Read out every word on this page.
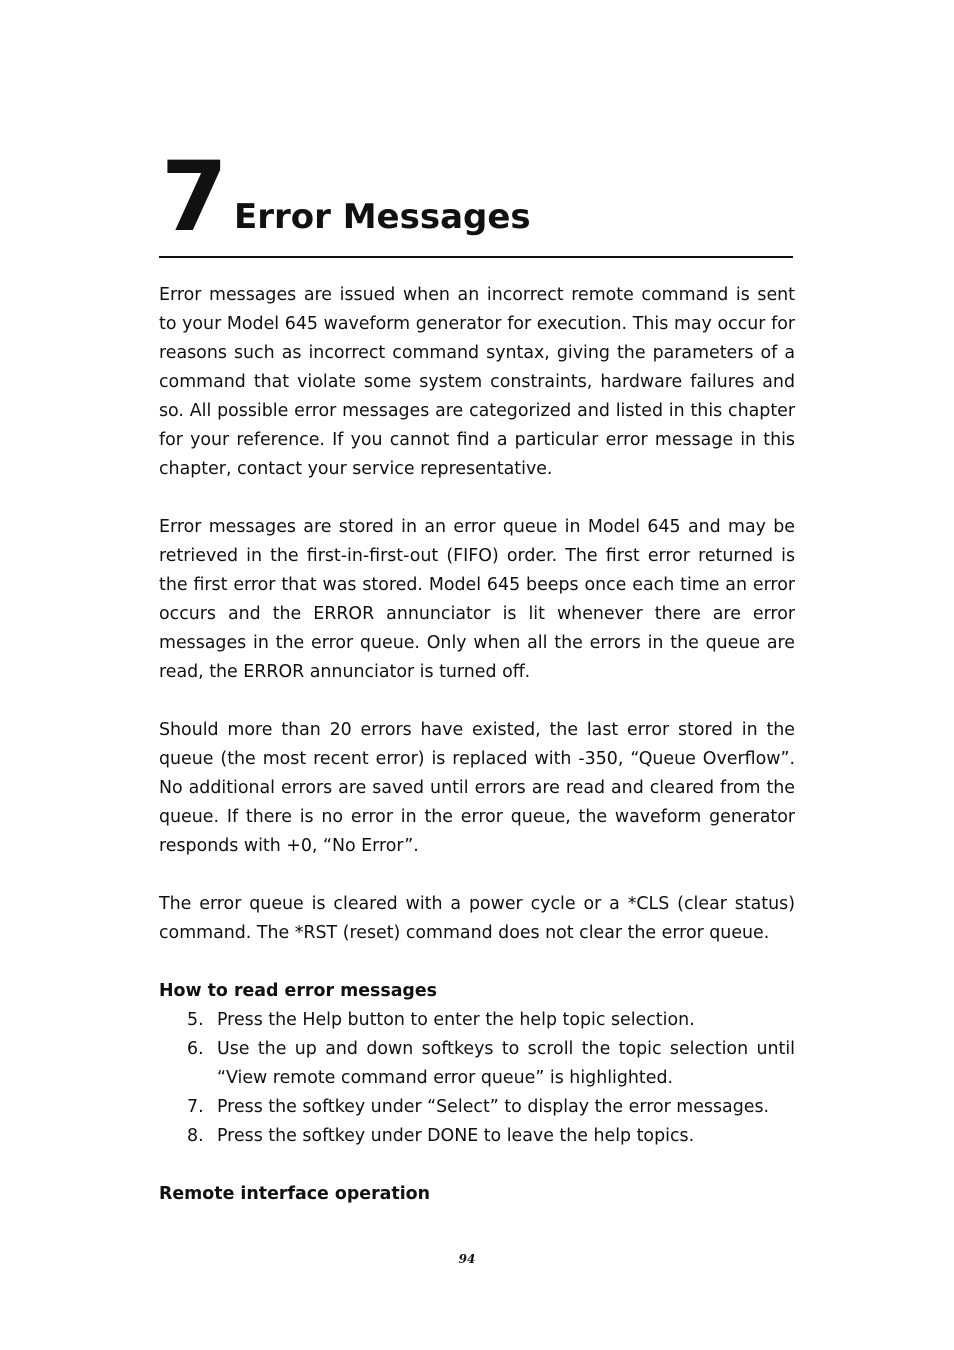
7 Error Messages

Error messages are issued when an incorrect remote command is sent to your Model 645 waveform generator for execution. This may occur for reasons such as incorrect command syntax, giving the parameters of a command that violate some system constraints, hardware failures and so. All possible error messages are categorized and listed in this chapter for your reference. If you cannot find a particular error message in this chapter, contact your service representative.

Error messages are stored in an error queue in Model 645 and may be retrieved in the first-in-first-out (FIFO) order. The first error returned is the first error that was stored. Model 645 beeps once each time an error occurs and the ERROR annunciator is lit whenever there are error messages in the error queue. Only when all the errors in the queue are read, the ERROR annunciator is turned off.

Should more than 20 errors have existed, the last error stored in the queue (the most recent error) is replaced with -350, “Queue Overflow”. No additional errors are saved until errors are read and cleared from the queue. If there is no error in the error queue, the waveform generator responds with +0, “No Error”.

The error queue is cleared with a power cycle or a *CLS (clear status) command. The *RST (reset) command does not clear the error queue.

How to read error messages
5. Press the Help button to enter the help topic selection.
6. Use the up and down softkeys to scroll the topic selection until “View remote command error queue” is highlighted.
7. Press the softkey under “Select” to display the error messages.
8. Press the softkey under DONE to leave the help topics.
Remote interface operation
94
